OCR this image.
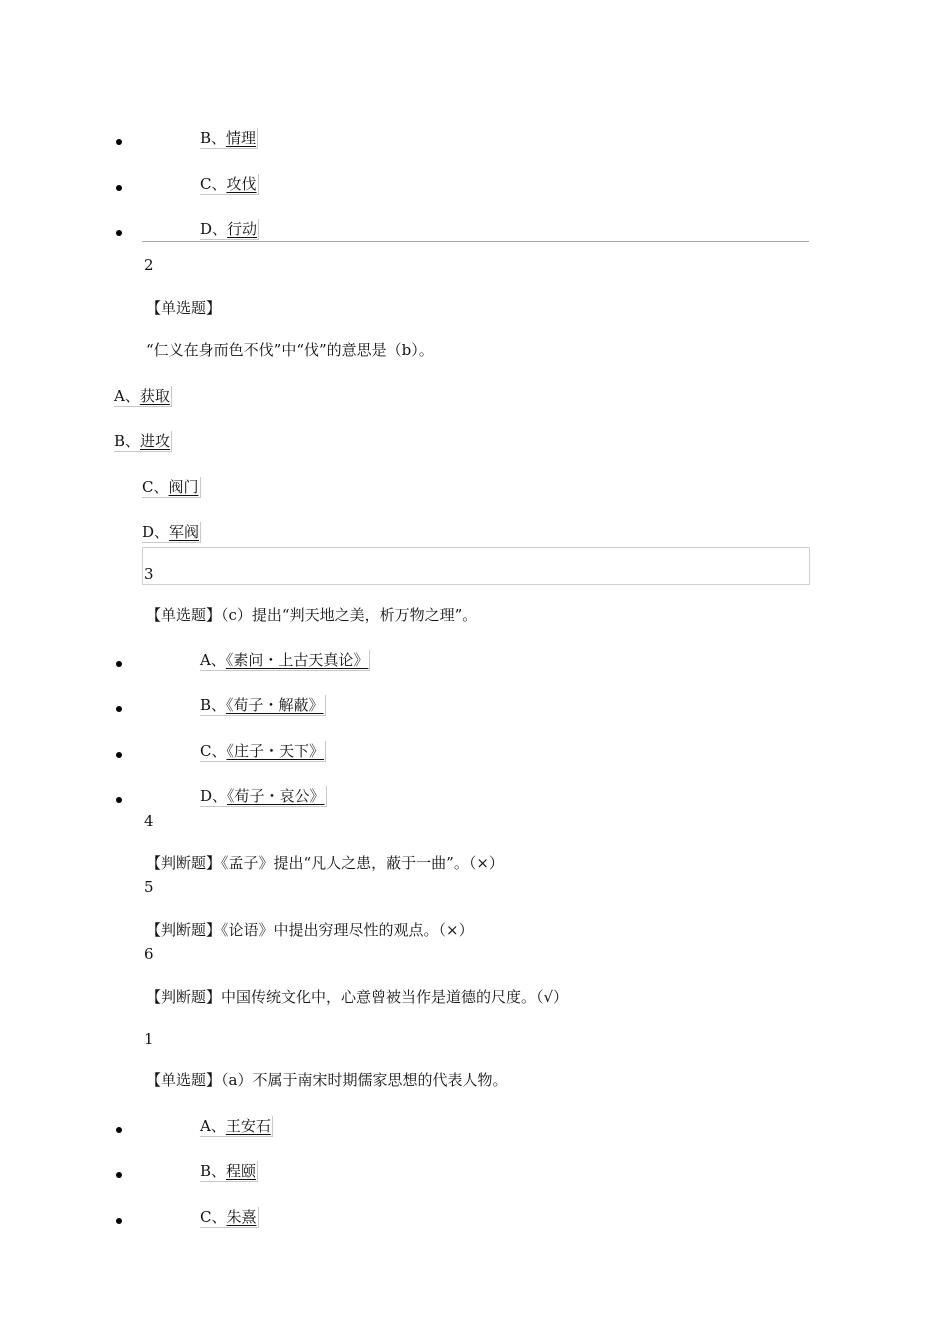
B、情理
C、攻伐
D、行动
2
【单选题】
“仁义在身而色不伐”中“伐”的意思是（b）。
A、获取
B、进攻
C、阀门
D、军阀
3
【单选题】（c）提出“判天地之美，析万物之理”。
A、《素问・上古天真论》
B、《荀子・解蔽》
C、《庄子・天下》
D、《荀子・哀公》
4
【判断题】《孟子》提出“凡人之患，蔽于一曲”。（×）
5
【判断题】《论语》中提出穷理尽性的观点。（×）
6
【判断题】中国传统文化中，心意曾被当作是道德的尺度。（√）
1
【单选题】（a）不属于南宋时期儒家思想的代表人物。
A、王安石
B、程颐
C、朱熹
